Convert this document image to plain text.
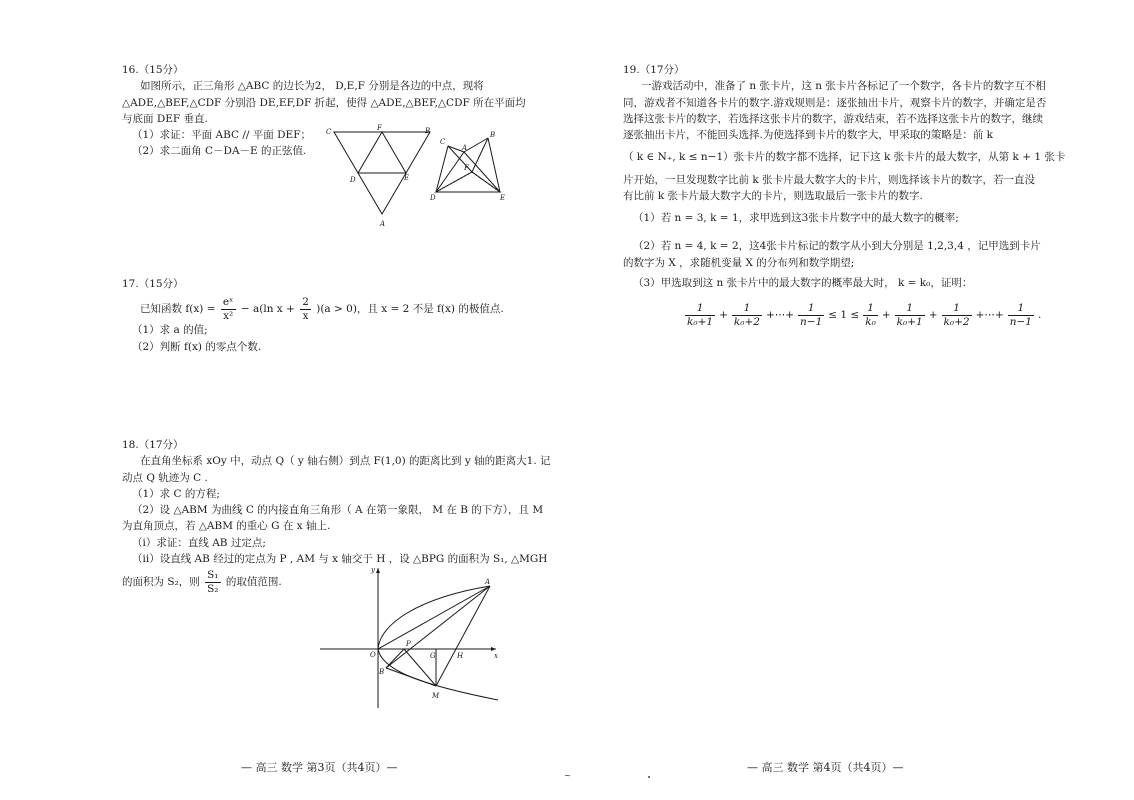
16.（15分）
如图所示，正三角形 △ABC 的边长为2， D,E,F 分别是各边的中点，现将
△ADE,△BEF,△CDF 分别沿 DE,EF,DF 折起，使得 △ADE,△BEF,△CDF 所在平面均
与底面 DEF 垂直.
（1）求证：平面 ABC // 平面 DEF；
（2）求二面角 C－DA－E 的正弦值.
C	F	B
D	E
A
C
A
B
F
D	E
17.（15分）
已知函数 $f(x) = \frac{\text{eˣ}}{\text{x²}} - a(\ln$ $x + \frac{2}{x} )(a > 0)$，且 x = 2 不是 f(x) 的极值点.
（1）求 a 的值;
（2）判断 f(x) 的零点个数.
18.（17分）
在直角坐标系 xOy 中，动点 Q（ y 轴右侧）到点 F(1,0) 的距离比到 y 轴的距离大1. 记
动点 Q 轨迹为 C .
（1）求 C 的方程;
（2）设 △ABM 为曲线 C 的内接直角三角形（ A 在第一象限， M 在 B 的下方），且 M
为直角顶点，若 △ABM 的重心 G 在 x 轴上.
（i）求证：直线 AB 过定点;
（ii）设直线 AB 经过的定点为 P , AM 与 x 轴交于 H ，设 △BPG 的面积为 S₁, △MGH
的面积为 S₂，则 $\frac{\text{S₁}}{\text{S₂}}$ 的取值范围.
y
A
P
G	H	x
O
B
M
— 高三 数学 第3页（共4页）—
19.（17分）
一游戏活动中，准备了 n 张卡片，这 n 张卡片各标记了一个数字，各卡片的数字互不相
同，游戏者不知道各卡片的数字.游戏规则是：逐张抽出卡片，观察卡片的数字，并确定是否
选择这张卡片的数字，若选择这张卡片的数字，游戏结束，若不选择这张卡片的数字，继续
逐张抽出卡片，不能回头选择.为使选择到卡片的数字大，甲采取的策略是：前 k
（ k ∈ N₊, k ≤ n−1）张卡片的数字都不选择，记下这 k 张卡片的最大数字，从第 k + 1 张卡
片开始，一旦发现数字比前 k 张卡片最大数字大的卡片，则选择该卡片的数字，若一直没
有比前 k 张卡片最大数字大的卡片，则选取最后一张卡片的数字.
（1）若 n = 3, k = 1，求甲选到这3张卡片数字中的最大数字的概率;
（2）若 n = 4, k = 2，这4张卡片标记的数字从小到大分别是 1,2,3,4 ，记甲选到卡片
的数字为 X ，求随机变量 X 的分布列和数学期望;
（3）甲选取到这 n 张卡片中的最大数字的概率最大时， k = k₀，证明：
$\frac{1}{\text{k₀+1}} + \frac{1}{\text{k₀+2}}$ +⋯+ $\frac{1}{n-1} \le 1 \le \frac{1}{\text{k₀}} + \frac{1}{\text{k₀+1}} + \frac{1}{\text{k₀+2}}$ +⋯+ $\frac{1}{n-1}$ .
— 高三 数学 第4页（共4页）—
~
